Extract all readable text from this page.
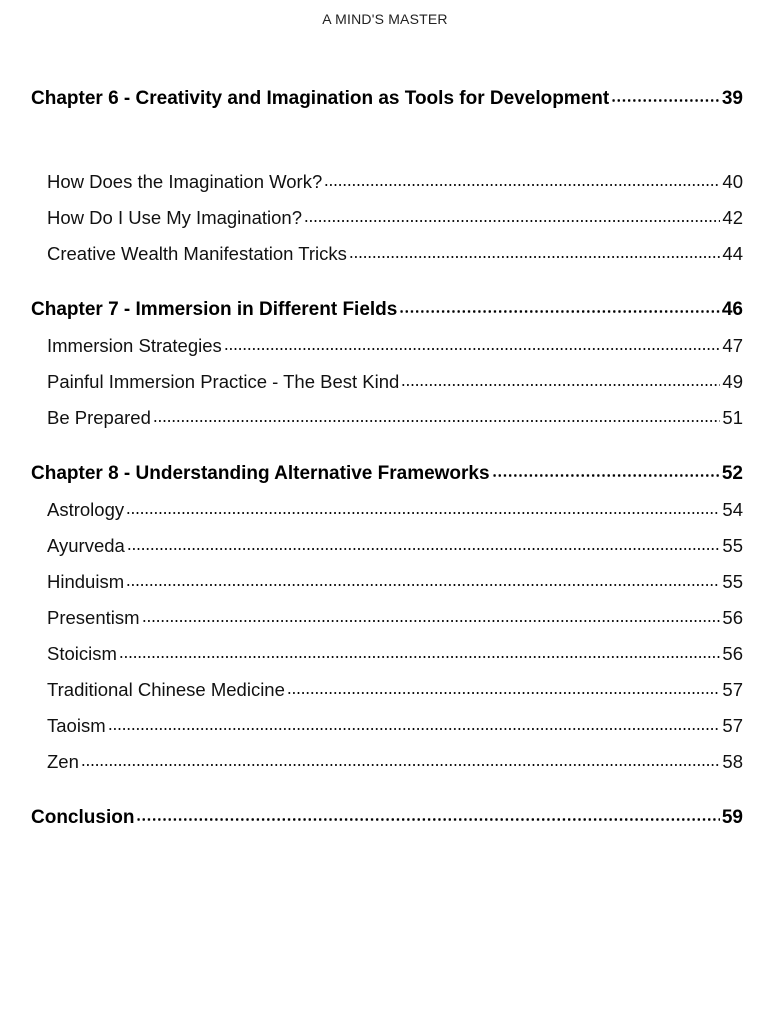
A MIND'S MASTER
Chapter 6 - Creativity and Imagination as Tools for Development	39
How Does the Imagination Work?	40
How Do I Use My Imagination?	42
Creative Wealth Manifestation Tricks	44
Chapter 7 - Immersion in Different Fields	46
Immersion Strategies	47
Painful Immersion Practice - The Best Kind	49
Be Prepared	51
Chapter 8 - Understanding Alternative Frameworks	52
Astrology	54
Ayurveda	55
Hinduism	55
Presentism	56
Stoicism	56
Traditional Chinese Medicine	57
Taoism	57
Zen	58
Conclusion	59
